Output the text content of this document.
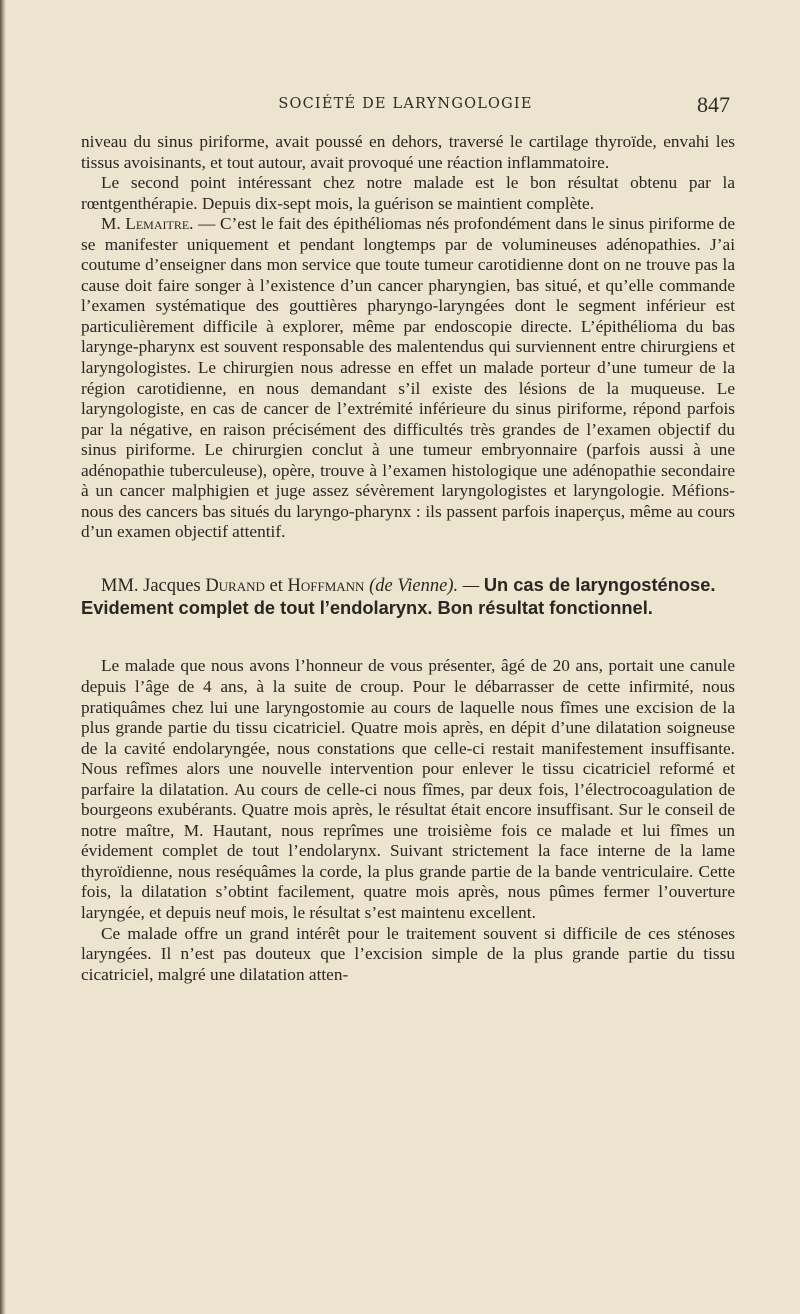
SOCIÉTÉ DE LARYNGOLOGIE	847

niveau du sinus piriforme, avait poussé en dehors, traversé le cartilage thyroïde, envahi les tissus avoisinants, et tout autour, avait provoqué une réaction inflammatoire.

Le second point intéressant chez notre malade est le bon résultat obtenu par la rœntgenthérapie. Depuis dix-sept mois, la guérison se maintient complète.

M. Lemaitre. — C’est le fait des épithéliomas nés profondément dans le sinus piriforme de se manifester uniquement et pendant longtemps par de volumineuses adénopathies. J’ai coutume d’enseigner dans mon service que toute tumeur carotidienne dont on ne trouve pas la cause doit faire songer à l’existence d’un cancer pharyngien, bas situé, et qu’elle commande l’examen systématique des gouttières pharyngo-laryngées dont le segment inférieur est particulièrement difficile à explorer, même par endoscopie directe. L’épithélioma du bas larynge-pharynx est souvent responsable des malentendus qui surviennent entre chirurgiens et laryngologistes. Le chirurgien nous adresse en effet un malade porteur d’une tumeur de la région carotidienne, en nous demandant s’il existe des lésions de la muqueuse. Le laryngologiste, en cas de cancer de l’extrémité inférieure du sinus piriforme, répond parfois par la négative, en raison précisément des difficultés très grandes de l’examen objectif du sinus piriforme. Le chirurgien conclut à une tumeur embryonnaire (parfois aussi à une adénopathie tuberculeuse), opère, trouve à l’examen histologique une adénopathie secondaire à un cancer malphigien et juge assez sévèrement laryngologistes et laryngologie. Méfions-nous des cancers bas situés du laryngo-pharynx : ils passent parfois inaperçus, même au cours d’un examen objectif attentif.

MM. Jacques Durand et Hoffmann (de Vienne). — Un cas de laryngosténose. Evidement complet de tout l’endolarynx. Bon résultat fonctionnel.

Le malade que nous avons l’honneur de vous présenter, âgé de 20 ans, portait une canule depuis l’âge de 4 ans, à la suite de croup. Pour le débarrasser de cette infirmité, nous pratiquâmes chez lui une laryngostomie au cours de laquelle nous fîmes une excision de la plus grande partie du tissu cicatriciel. Quatre mois après, en dépit d’une dilatation soigneuse de la cavité endolaryngée, nous constations que celle-ci restait manifestement insuffisante. Nous refîmes alors une nouvelle intervention pour enlever le tissu cicatriciel reformé et parfaire la dilatation. Au cours de celle-ci nous fîmes, par deux fois, l’électrocoagulation de bourgeons exubérants. Quatre mois après, le résultat était encore insuffisant. Sur le conseil de notre maître, M. Hautant, nous reprîmes une troisième fois ce malade et lui fîmes un évidement complet de tout l’endolarynx. Suivant strictement la face interne de la lame thyroïdienne, nous reséquâmes la corde, la plus grande partie de la bande ventriculaire. Cette fois, la dilatation s’obtint facilement, quatre mois après, nous pûmes fermer l’ouverture laryngée, et depuis neuf mois, le résultat s’est maintenu excellent.

Ce malade offre un grand intérêt pour le traitement souvent si difficile de ces sténoses laryngées. Il n’est pas douteux que l’excision simple de la plus grande partie du tissu cicatriciel, malgré une dilatation atten-
